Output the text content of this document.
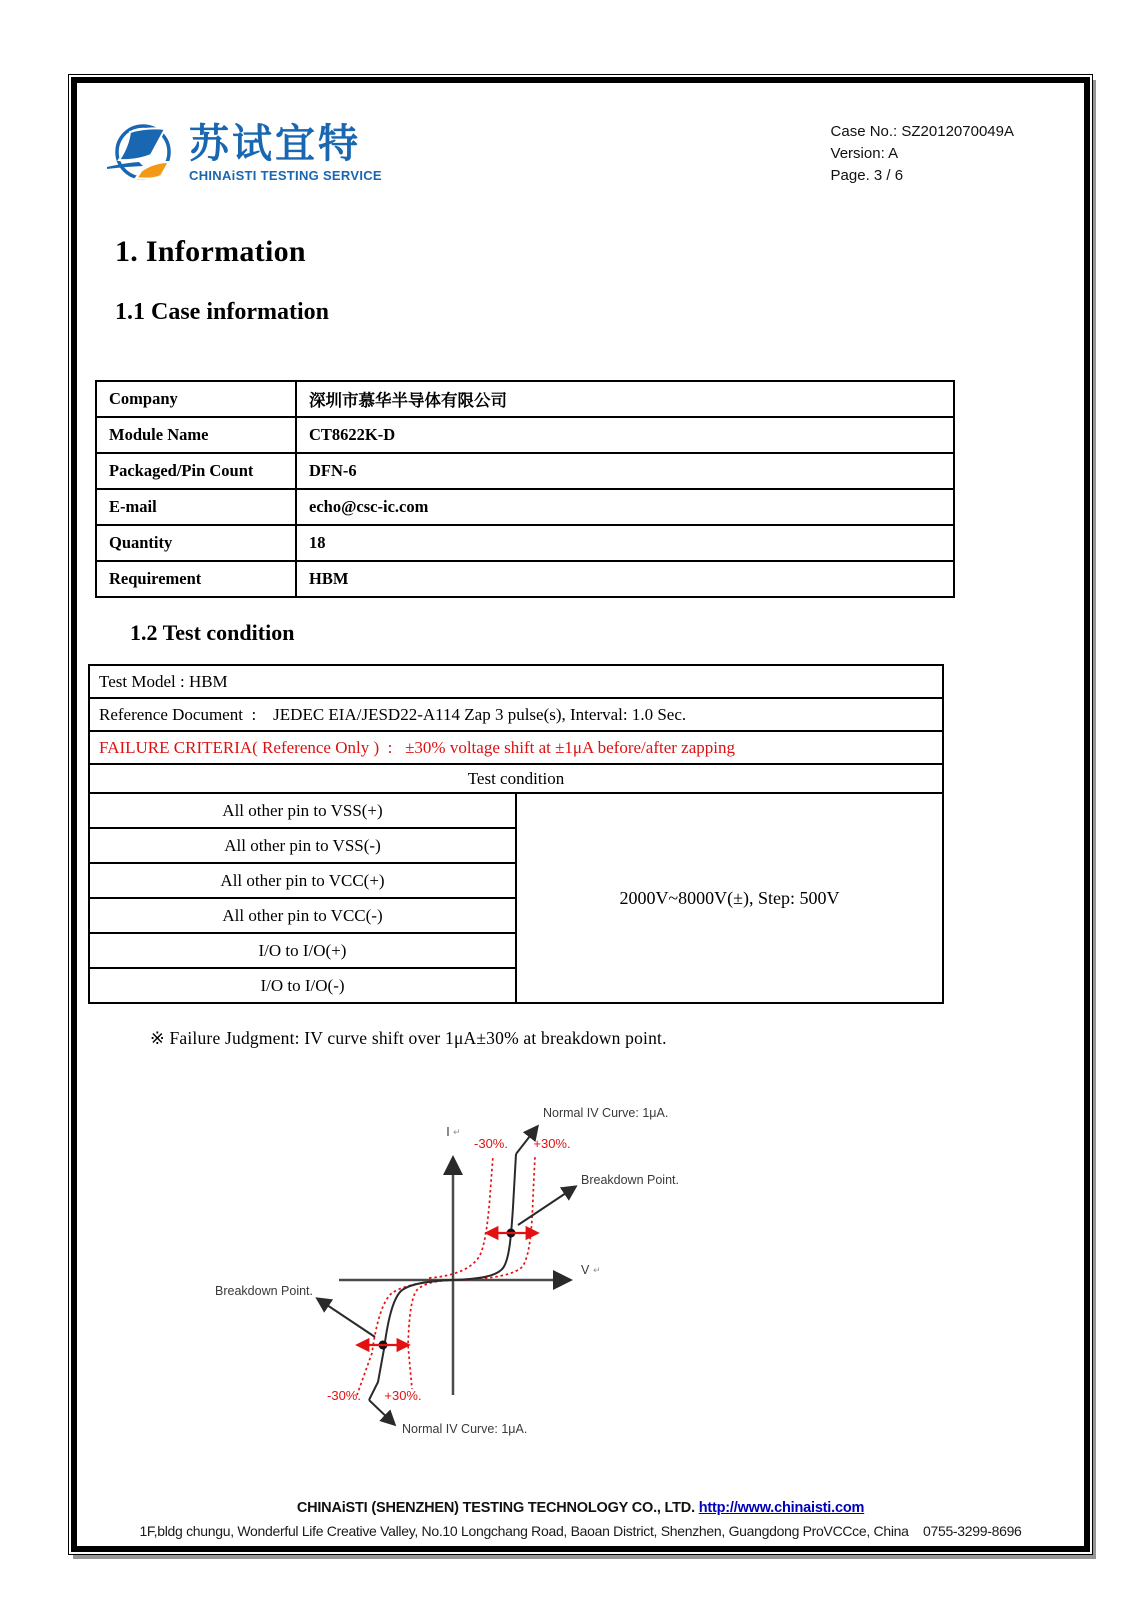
苏试宜特
CHINAiSTI TESTING SERVICE
Case No.: SZ2012070049A
Version: A
Page. 3 / 6
1. Information
1.1 Case information
Company	深圳市慕华半导体有限公司
Module Name	CT8622K-D
Packaged/Pin Count	DFN-6
E-mail	echo@csc-ic.com
Quantity	18
Requirement	HBM
1.2 Test condition
Test Model : HBM
Reference Document  :    JEDEC EIA/JESD22-A114 Zap 3 pulse(s), Interval: 1.0 Sec.
FAILURE CRITERIA( Reference Only )  :   ±30% voltage shift at ±1μA before/after zapping
Test condition
All other pin to VSS(+)	2000V~8000V(±), Step: 500V
All other pin to VSS(-)
All other pin to VCC(+)
All other pin to VCC(-)
I/O to I/O(+)
I/O to I/O(-)
※ Failure Judgment: IV curve shift over 1μA±30% at breakdown point.
I ↵
V ↵
-30%. +30%.
-30%. +30%.
Normal IV Curve: 1μA.
Normal IV Curve: 1μA.
Breakdown Point.
Breakdown Point.
CHINAiSTI (SHENZHEN) TESTING TECHNOLOGY CO., LTD. http://www.chinaisti.com
1F,bldg chungu, Wonderful Life Creative Valley, No.10 Longchang Road, Baoan District, Shenzhen, Guangdong ProVCCce, China    0755-3299-8696
